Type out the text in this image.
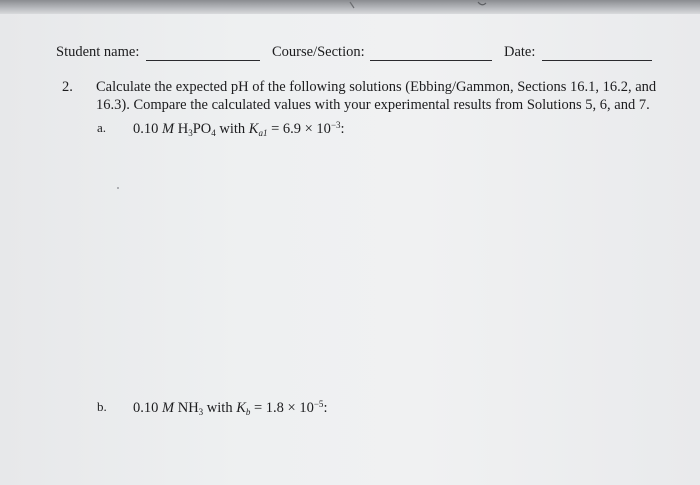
Student name:	Course/Section:	Date:
2. Calculate the expected pH of the following solutions (Ebbing/Gammon, Sections 16.1, 16.2, and 16.3). Compare the calculated values with your experimental results from Solutions 5, 6, and 7.
a. 0.10 M $H_3PO_4$ with $K_{a1} = 6.9 \times 10^{-3}$:
b. 0.10 M $NH_3$ with $K_b = 1.8 \times 10^{-5}$:
